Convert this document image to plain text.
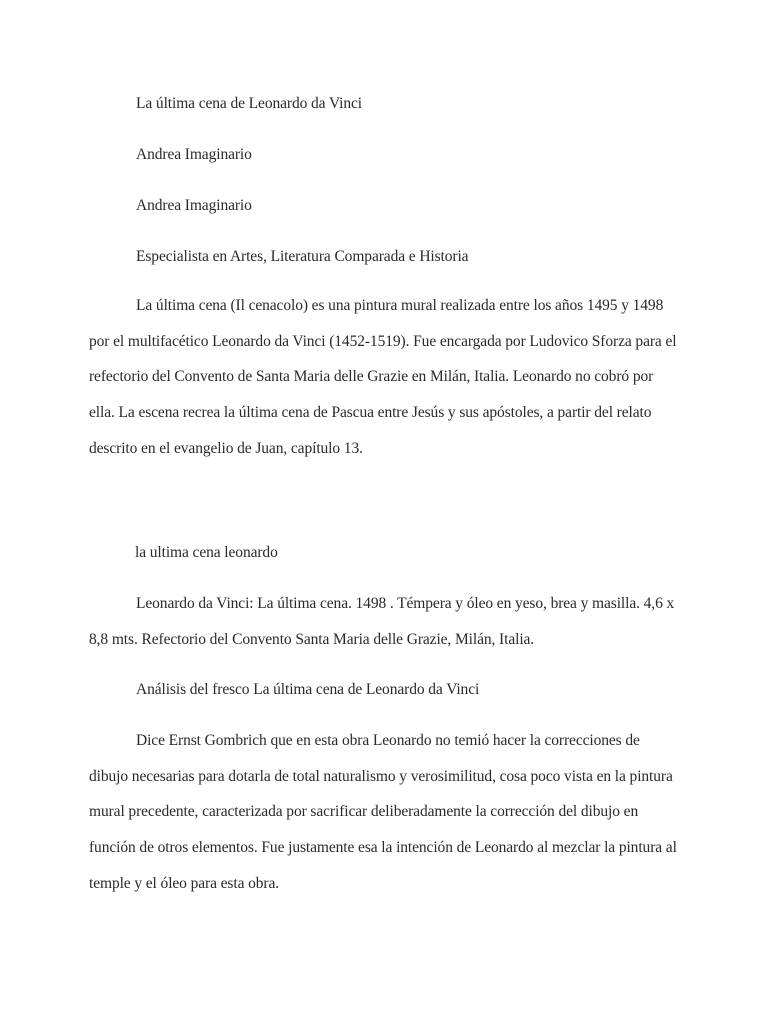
La última cena de Leonardo da Vinci
Andrea Imaginario
Andrea Imaginario
Especialista en Artes, Literatura Comparada e Historia
La última cena (Il cenacolo) es una pintura mural realizada entre los años 1495 y 1498 por el multifacético Leonardo da Vinci (1452-1519). Fue encargada por Ludovico Sforza para el refectorio del Convento de Santa Maria delle Grazie en Milán, Italia. Leonardo no cobró por ella. La escena recrea la última cena de Pascua entre Jesús y sus apóstoles, a partir del relato descrito en el evangelio de Juan, capítulo 13.
la ultima cena leonardo
Leonardo da Vinci: La última cena. 1498 . Témpera y óleo en yeso, brea y masilla. 4,6 x 8,8 mts. Refectorio del Convento Santa Maria delle Grazie, Milán, Italia.
Análisis del fresco La última cena de Leonardo da Vinci
Dice Ernst Gombrich que en esta obra Leonardo no temió hacer la correcciones de dibujo necesarias para dotarla de total naturalismo y verosimilitud, cosa poco vista en la pintura mural precedente, caracterizada por sacrificar deliberadamente la corrección del dibujo en función de otros elementos. Fue justamente esa la intención de Leonardo al mezclar la pintura al temple y el óleo para esta obra.
